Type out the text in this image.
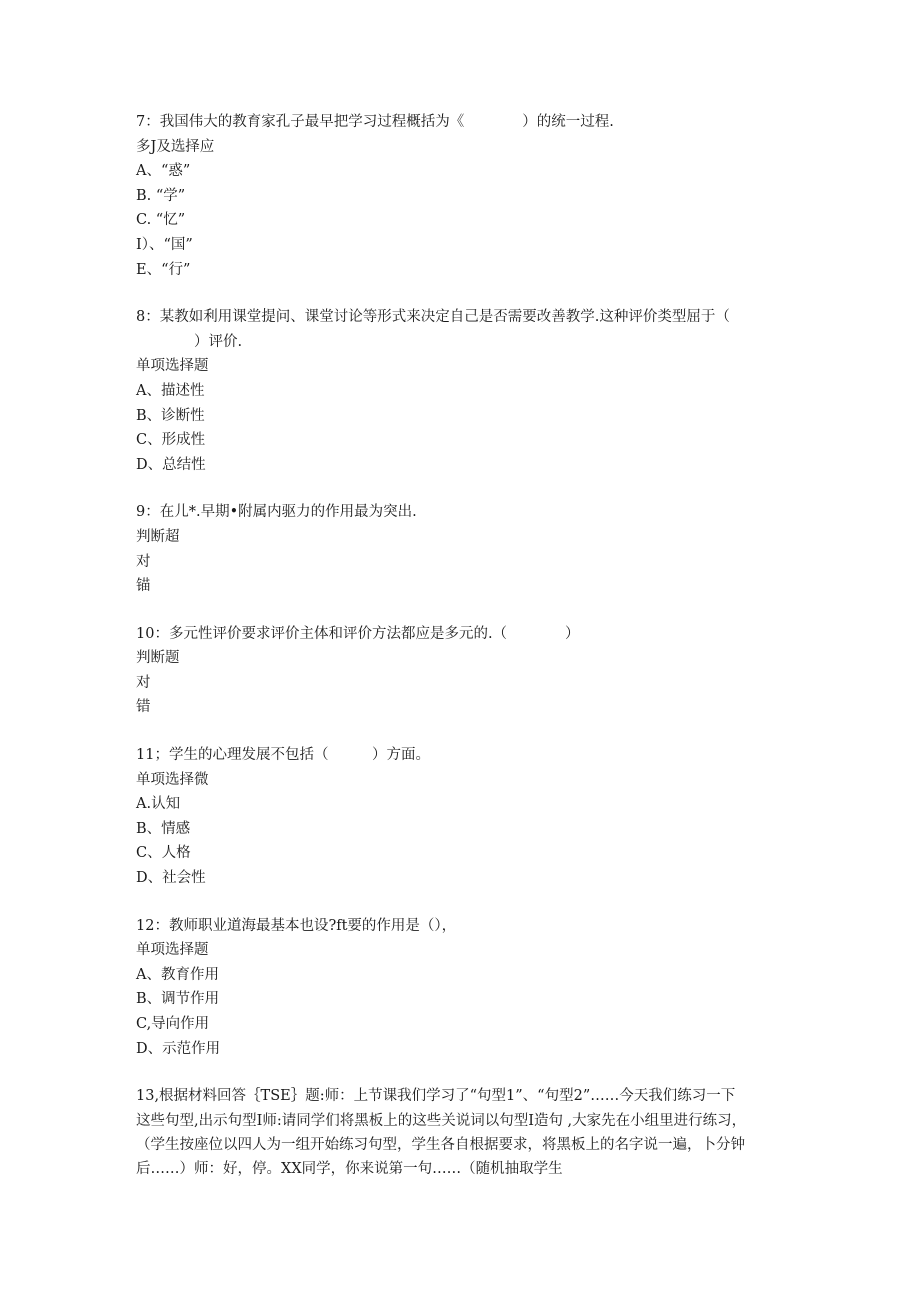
7：我国伟大的教育家孔子最早把学习过程概括为《　　　　）的统一过程.
多J及选择应
A、“惑”
B. “学”
C. “忆”
I）、“国”
E、“行”
8：某教如利用课堂提问、课堂讨论等形式来决定自己是否需要改善教学.这种评价类型屈于（
　　　　）评价.
单项选择题
A、描述性
B、诊断性
C、形成性
D、总结性
9：在儿*.早期•附属内驱力的作用最为突出.
判断超
对
锚
10：多元性评价要求评价主体和评价方法都应是多元的.（　　　　）
判断题
对
错
11；学生的心理发展不包括（　　　）方面。
单项选择微
A.认知
B、情感
C、人格
D、社会性
12：教师职业道海最基本也设?ft要的作用是（），
单项选择题
A、教育作用
B、调节作用
C,导向作用
D、示范作用
13,根据材料回答｛TSE｝题:师：上节课我们学习了“句型1”、“句型2”……今天我们练习一下
这些句型,出示句型I师:请同学们将黑板上的这些关说词以句型I造句 ,大家先在小组里进行练习，
（学生按座位以四人为一组开始练习句型，学生各自根据要求，将黑板上的名字说一遍，卜分钟
后……）师：好，停。XX同学，你来说第一句……（随机抽取学生
